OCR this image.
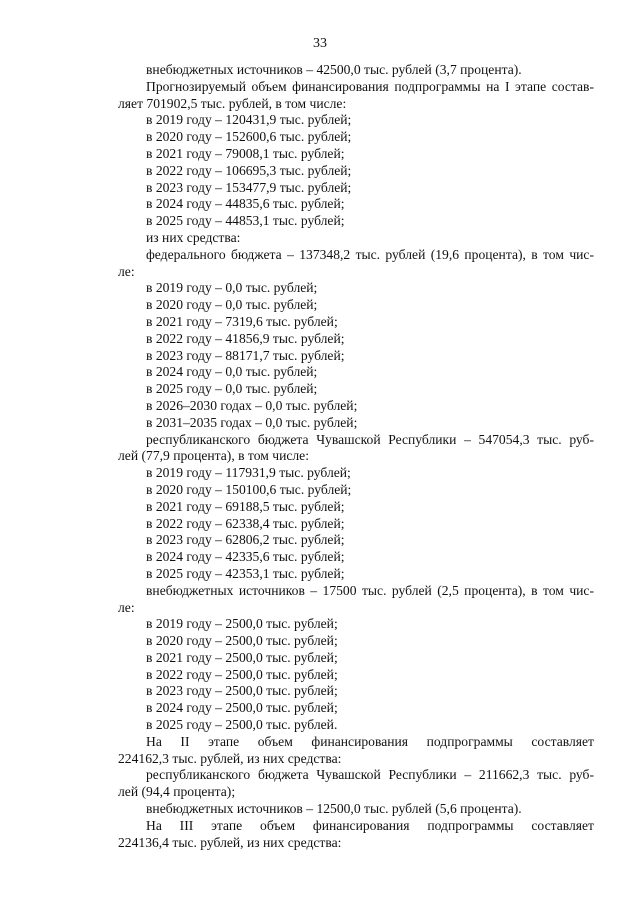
33
внебюджетных источников – 42500,0 тыс. рублей (3,7 процента).
Прогнозируемый объем финансирования подпрограммы на I этапе состав-
ляет 701902,5 тыс. рублей, в том числе:
в 2019 году – 120431,9 тыс. рублей;
в 2020 году – 152600,6 тыс. рублей;
в 2021 году – 79008,1 тыс. рублей;
в 2022 году – 106695,3 тыс. рублей;
в 2023 году – 153477,9 тыс. рублей;
в 2024 году – 44835,6 тыс. рублей;
в 2025 году – 44853,1 тыс. рублей;
из них средства:
федерального бюджета – 137348,2 тыс. рублей (19,6 процента), в том чис-
ле:
в 2019 году – 0,0 тыс. рублей;
в 2020 году – 0,0 тыс. рублей;
в 2021 году – 7319,6 тыс. рублей;
в 2022 году – 41856,9 тыс. рублей;
в 2023 году – 88171,7 тыс. рублей;
в 2024 году – 0,0 тыс. рублей;
в 2025 году – 0,0 тыс. рублей;
в 2026–2030 годах – 0,0 тыс. рублей;
в 2031–2035 годах – 0,0 тыс. рублей;
республиканского бюджета Чувашской Республики – 547054,3 тыс. руб-
лей (77,9 процента), в том числе:
в 2019 году – 117931,9 тыс. рублей;
в 2020 году – 150100,6 тыс. рублей;
в 2021 году – 69188,5 тыс. рублей;
в 2022 году – 62338,4 тыс. рублей;
в 2023 году – 62806,2 тыс. рублей;
в 2024 году – 42335,6 тыс. рублей;
в 2025 году – 42353,1 тыс. рублей;
внебюджетных источников – 17500 тыс. рублей (2,5 процента), в том чис-
ле:
в 2019 году – 2500,0 тыс. рублей;
в 2020 году – 2500,0 тыс. рублей;
в 2021 году – 2500,0 тыс. рублей;
в 2022 году – 2500,0 тыс. рублей;
в 2023 году – 2500,0 тыс. рублей;
в 2024 году – 2500,0 тыс. рублей;
в 2025 году – 2500,0 тыс. рублей.
На II этапе объем финансирования подпрограммы составляет
224162,3 тыс. рублей, из них средства:
республиканского бюджета Чувашской Республики – 211662,3 тыс. руб-
лей (94,4 процента);
внебюджетных источников – 12500,0 тыс. рублей (5,6 процента).
На III этапе объем финансирования подпрограммы составляет
224136,4 тыс. рублей, из них средства:
